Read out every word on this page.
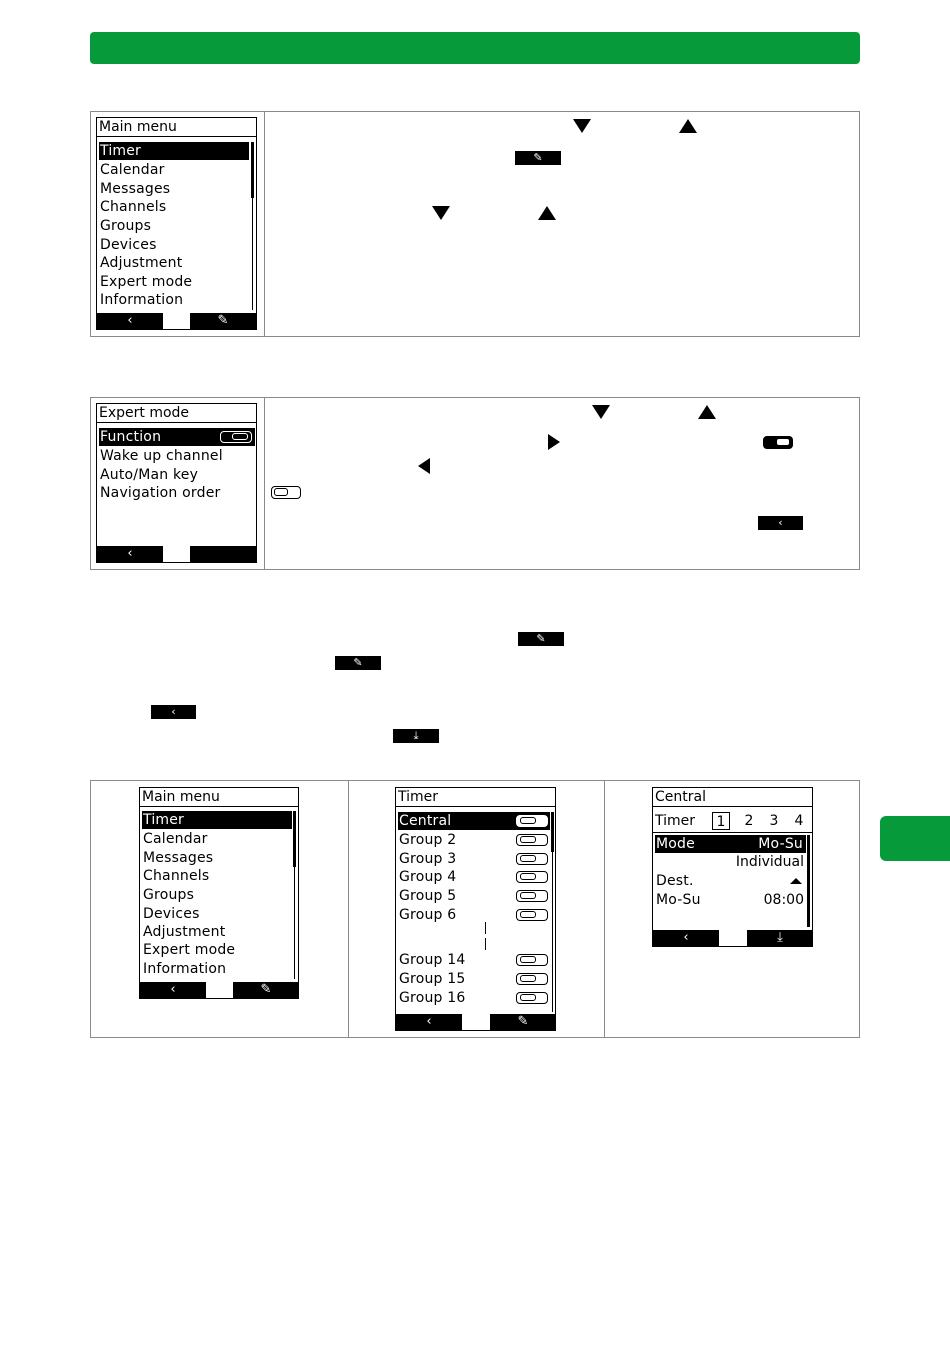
Main menu
Timer
Calendar
Messages
Channels
Groups
Devices
Adjustment
Expert mode
Information
‹	✎
✎
Expert mode
Function
Wake up channel
Auto/Man key
Navigation order
‹
‹
✎
✎
‹
⤓
Main menu
Timer
Calendar
Messages
Channels
Groups
Devices
Adjustment
Expert mode
Information
‹	✎
Timer
Central
Group 2
Group 3
Group 4
Group 5
Group 6
Group 14
Group 15
Group 16
‹	✎
Central
Timer	1	2	3	4
Mode	Mo-Su
Individual
Dest.
Mo-Su	08:00
‹	⤓
